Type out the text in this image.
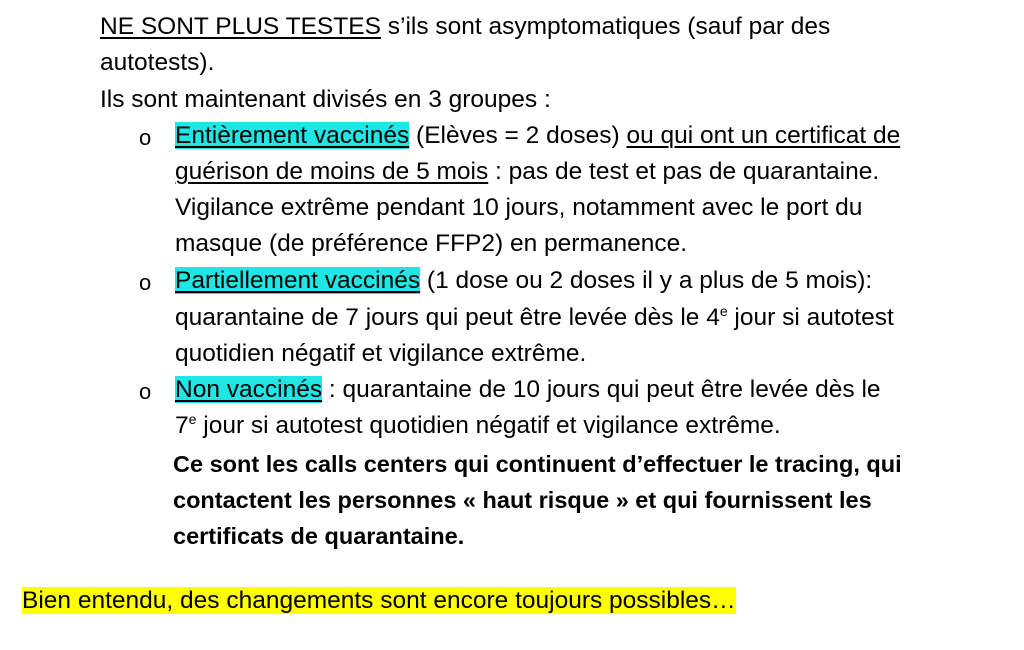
NE SONT PLUS TESTES s’ils sont asymptomatiques (sauf par des
autotests).
Ils sont maintenant divisés en 3 groupes :
o Entièrement vaccinés (Elèves = 2 doses) ou qui ont un certificat de
guérison de moins de 5 mois : pas de test et pas de quarantaine.
Vigilance extrême pendant 10 jours, notamment avec le port du
masque (de préférence FFP2) en permanence.
o Partiellement vaccinés (1 dose ou 2 doses il y a plus de 5 mois):
quarantaine de 7 jours qui peut être levée dès le 4e jour si autotest
quotidien négatif et vigilance extrême.
o Non vaccinés : quarantaine de 10 jours qui peut être levée dès le
7e jour si autotest quotidien négatif et vigilance extrême.
Ce sont les calls centers qui continuent d’effectuer le tracing, qui
contactent les personnes « haut risque » et qui fournissent les
certificats de quarantaine.
Bien entendu, des changements sont encore toujours possibles…
